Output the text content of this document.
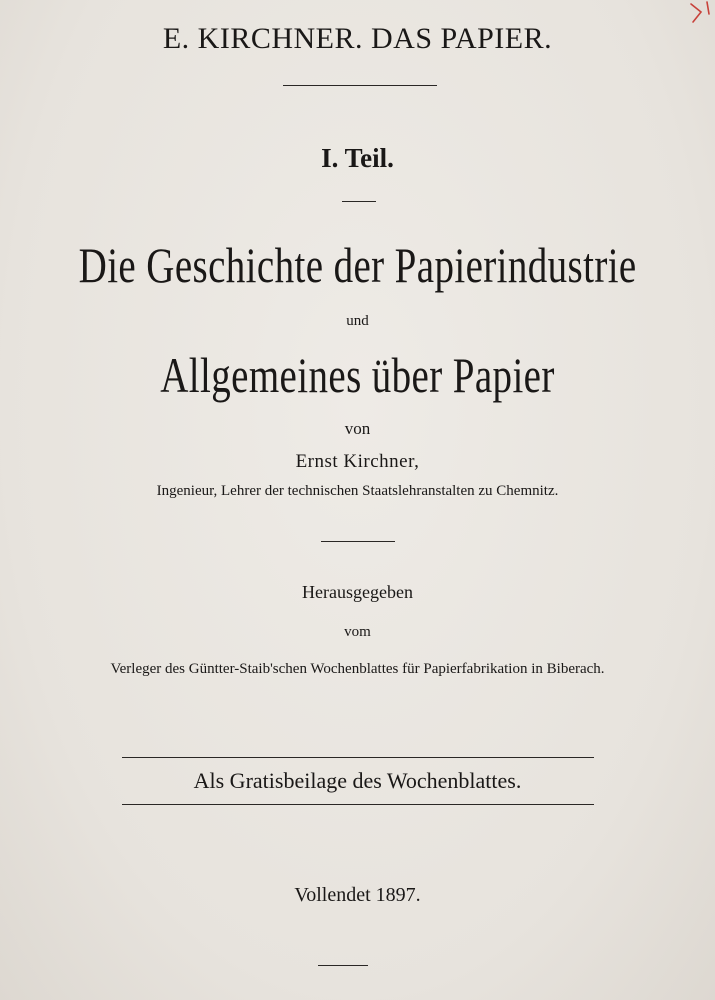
E. KIRCHNER. DAS PAPIER.
I. Teil.
Die Geschichte der Papierindustrie
und
Allgemeines über Papier
von
Ernst Kirchner,
Ingenieur, Lehrer der technischen Staatslehranstalten zu Chemnitz.
Herausgegeben
vom
Verleger des Güntter-Staib'schen Wochenblattes für Papierfabrikation in Biberach.
Als Gratisbeilage des Wochenblattes.
Vollendet 1897.
